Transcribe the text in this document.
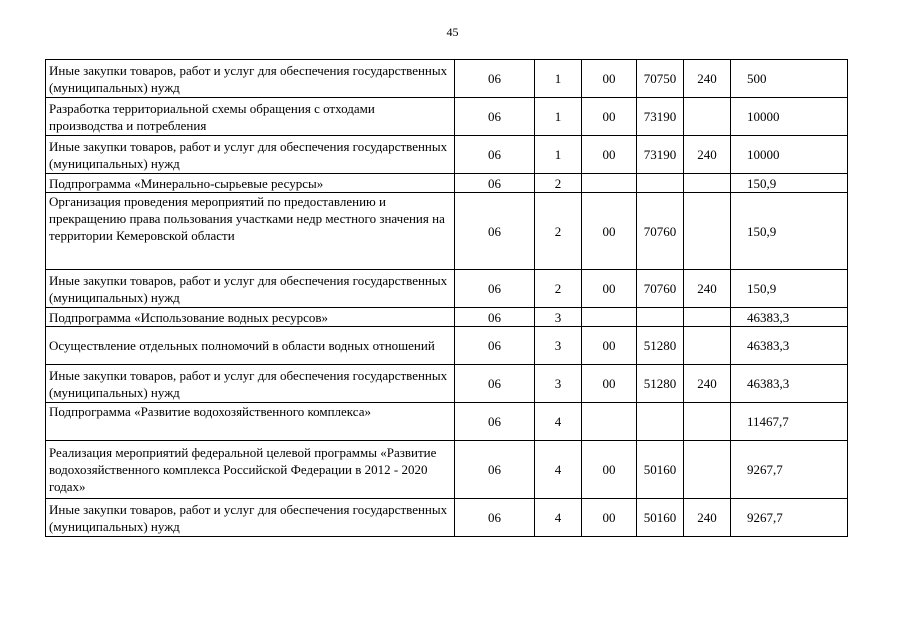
45
Иные закупки товаров, работ и услуг для обеспечения государственных (муниципальных) нужд	06	1	00	70750	240	500
Разработка территориальной схемы обращения с отходами производства и потребления	06	1	00	73190		10000
Иные закупки товаров, работ и услуг для обеспечения государственных (муниципальных) нужд	06	1	00	73190	240	10000
Подпрограмма «Минерально-сырьевые ресурсы»	06	2				150,9
Организация проведения мероприятий по предоставлению и прекращению права пользования участками недр местного значения на территории Кемеровской области	06	2	00	70760		150,9
Иные закупки товаров, работ и услуг для обеспечения государственных (муниципальных) нужд	06	2	00	70760	240	150,9
Подпрограмма «Использование водных ресурсов»	06	3				46383,3
Осуществление отдельных полномочий в области водных отношений	06	3	00	51280		46383,3
Иные закупки товаров, работ и услуг для обеспечения государственных (муниципальных) нужд	06	3	00	51280	240	46383,3
Подпрограмма «Развитие водохозяйственного комплекса»	06	4				11467,7
Реализация мероприятий федеральной целевой программы «Развитие водохозяйственного комплекса Российской Федерации в 2012 - 2020 годах»	06	4	00	50160		9267,7
Иные закупки товаров, работ и услуг для обеспечения государственных (муниципальных) нужд	06	4	00	50160	240	9267,7
